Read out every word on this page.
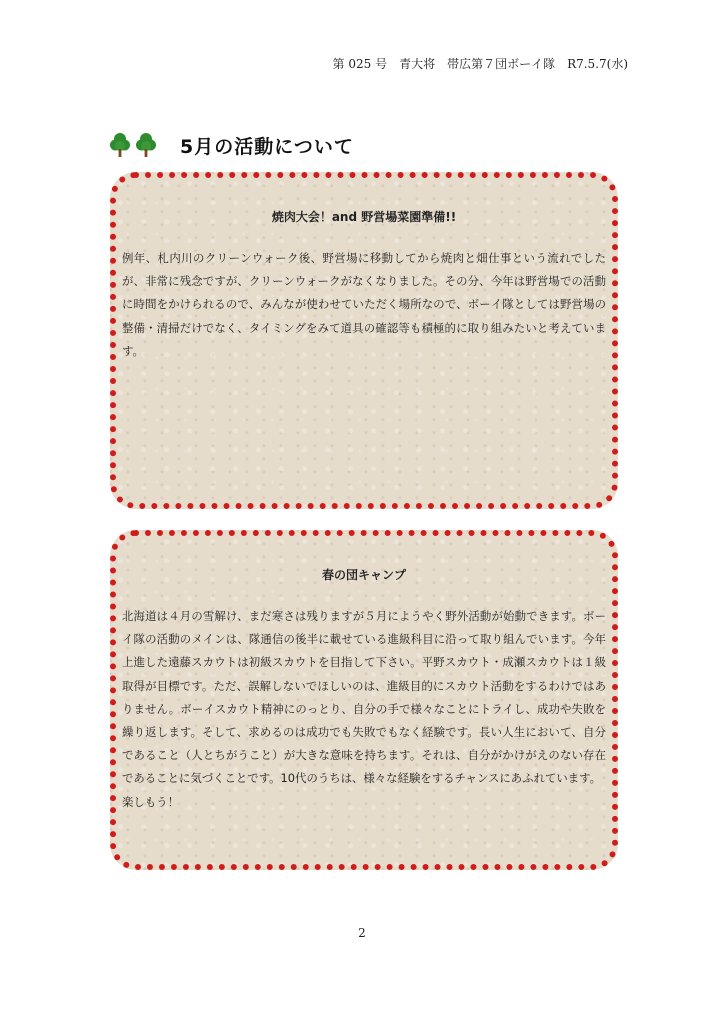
第 025 号　青大将　帯広第７団ボーイ隊　R7.5.7(水)
5月の活動について
焼肉大会！and 野営場菜園準備!!

例年、札内川のクリーンウォーク後、野営場に移動してから焼肉と畑仕事という流れでしたが、非常に残念ですが、クリーンウォークがなくなりました。その分、今年は野営場での活動に時間をかけられるので、みんなが使わせていただく場所なので、ボーイ隊としては野営場の整備・清掃だけでなく、タイミングをみて道具の確認等も積極的に取り組みたいと考えています。

春の団キャンプ

北海道は４月の雪解け、まだ寒さは残りますが５月にようやく野外活動が始動できます。ボーイ隊の活動のメインは、隊通信の後半に載せている進級科目に沿って取り組んでいます。今年上進した遠藤スカウトは初級スカウトを目指して下さい。平野スカウト・成瀬スカウトは１級取得が目標です。ただ、誤解しないでほしいのは、進級目的にスカウト活動をするわけではありません。ボーイスカウト精神にのっとり、自分の手で様々なことにトライし、成功や失敗を繰り返します。そして、求めるのは成功でも失敗でもなく経験です。長い人生において、自分であること（人とちがうこと）が大きな意味を持ちます。それは、自分がかけがえのない存在であることに気づくことです。10代のうちは、様々な経験をするチャンスにあふれています。

楽しもう！

2
